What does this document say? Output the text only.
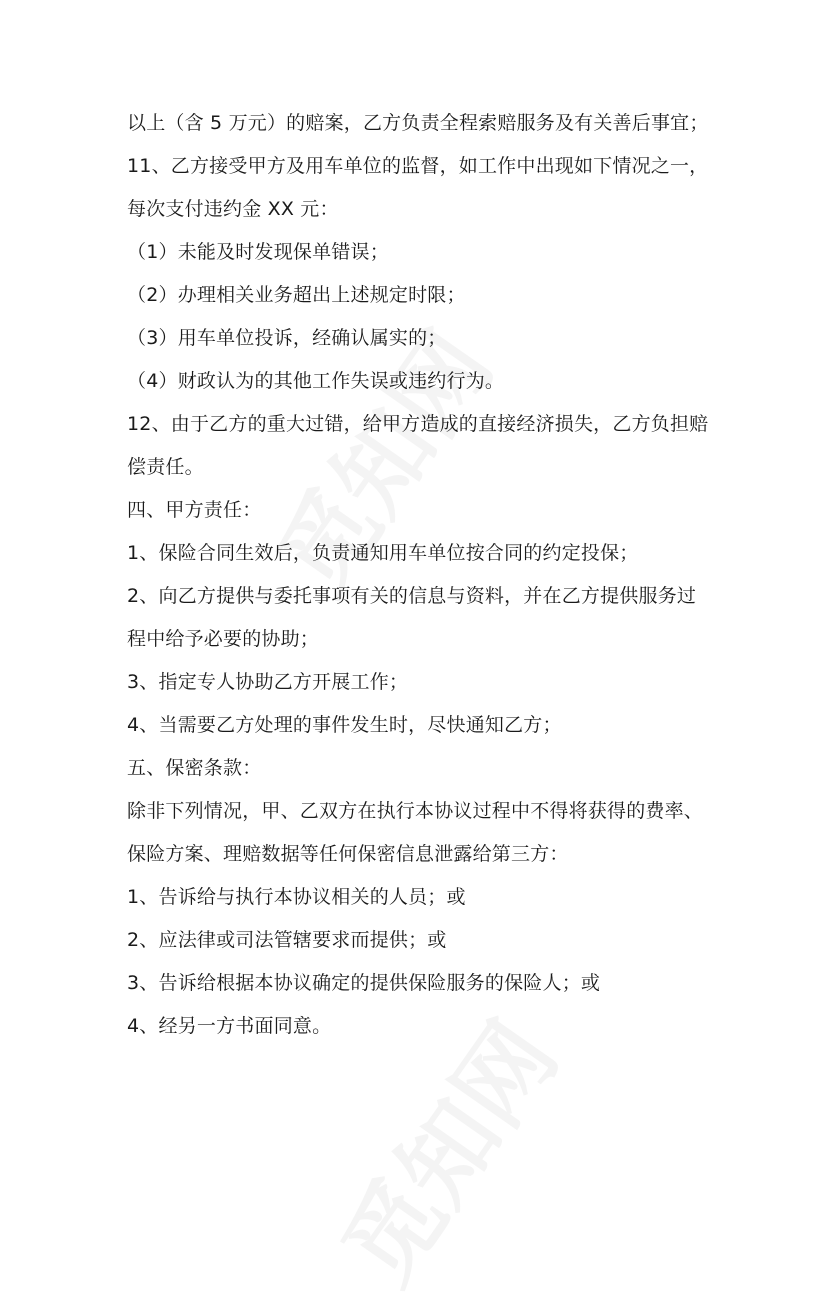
以上（含 5 万元）的赔案，乙方负责全程索赔服务及有关善后事宜；
11、乙方接受甲方及用车单位的监督，如工作中出现如下情况之一，
每次支付违约金 XX 元：
（1）未能及时发现保单错误；
（2）办理相关业务超出上述规定时限；
（3）用车单位投诉，经确认属实的；
（4）财政认为的其他工作失误或违约行为。
12、由于乙方的重大过错，给甲方造成的直接经济损失，乙方负担赔
偿责任。
四、甲方责任：
1、保险合同生效后，负责通知用车单位按合同的约定投保；
2、向乙方提供与委托事项有关的信息与资料，并在乙方提供服务过
程中给予必要的协助；
3、指定专人协助乙方开展工作；
4、当需要乙方处理的事件发生时，尽快通知乙方；
五、保密条款：
除非下列情况，甲、乙双方在执行本协议过程中不得将获得的费率、
保险方案、理赔数据等任何保密信息泄露给第三方：
1、告诉给与执行本协议相关的人员；或
2、应法律或司法管辖要求而提供；或
3、告诉给根据本协议确定的提供保险服务的保险人；或
4、经另一方书面同意。
